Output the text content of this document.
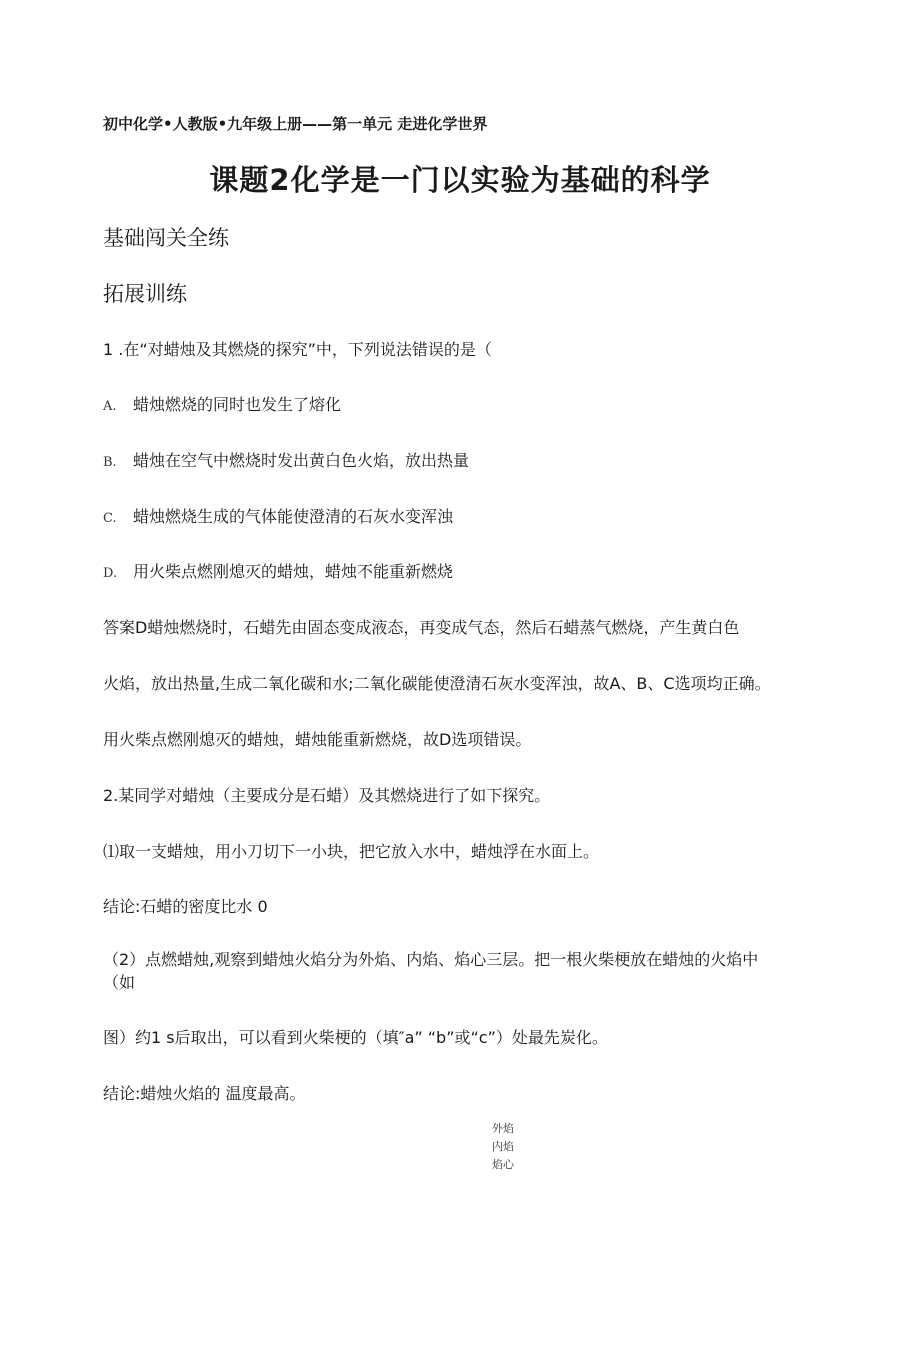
初中化学•人教版•九年级上册——第一单元 走进化学世界
课题2化学是一门以实验为基础的科学
基础闯关全练
拓展训练
1 .在“对蜡烛及其燃烧的探究”中，下列说法错误的是（
A. 蜡烛燃烧的同时也发生了熔化
B. 蜡烛在空气中燃烧时发出黄白色火焰，放出热量
C. 蜡烛燃烧生成的气体能使澄清的石灰水变浑浊
D. 用火柴点燃刚熄灭的蜡烛，蜡烛不能重新燃烧
答案D蜡烛燃烧时，石蜡先由固态变成液态，再变成气态，然后石蜡蒸气燃烧，产生黄白色
火焰，放出热量,生成二氧化碳和水;二氧化碳能使澄清石灰水变浑浊，故A、B、C选项均正确。
用火柴点燃刚熄灭的蜡烛，蜡烛能重新燃烧，故D选项错误。
2.某同学对蜡烛（主要成分是石蜡）及其燃烧进行了如下探究。
⑴取一支蜡烛，用小刀切下一小块，把它放入水中，蜡烛浮在水面上。
结论:石蜡的密度比水 0
（2）点燃蜡烛,观察到蜡烛火焰分为外焰、内焰、焰心三层。把一根火柴梗放在蜡烛的火焰中
（如
图）约1 s后取出，可以看到火柴梗的（填″a” “b”或“c”）处最先炭化。
结论:蜡烛火焰的 温度最高。
外焰
内焰
焰心
